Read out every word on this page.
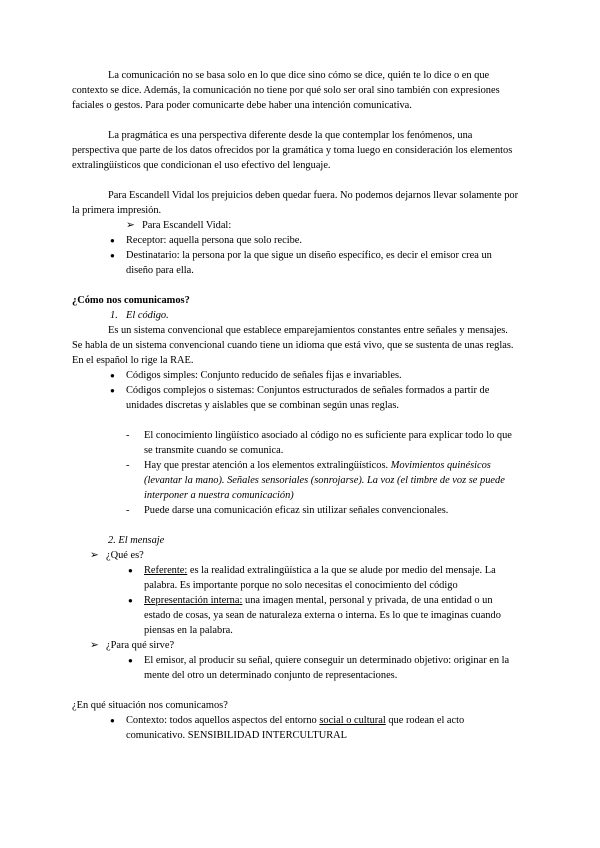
La comunicación no se basa solo en lo que dice sino cómo se dice, quién te lo dice o en que contexto se dice. Además, la comunicación no tiene por qué solo ser oral sino también con expresiones faciales o gestos. Para poder comunicarte debe haber una intención comunicativa.

La pragmática es una perspectiva diferente desde la que contemplar los fenómenos, una perspectiva que parte de los datos ofrecidos por la gramática y toma luego en consideración los elementos extralingüísticos que condicionan el uso efectivo del lenguaje.

Para Escandell Vidal los prejuicios deben quedar fuera. No podemos dejarnos llevar solamente por la primera impresión.

➢ Para Escandell Vidal:
● Receptor: aquella persona que solo recibe.
● Destinatario: la persona por la que sigue un diseño específico, es decir el emisor crea un diseño para ella.

¿Cómo nos comunicamos?

1. El código.

Es un sistema convencional que establece emparejamientos constantes entre señales y mensajes. Se habla de un sistema convencional cuando tiene un idioma que está vivo, que se sustenta de unas reglas. En el español lo rige la RAE.

● Códigos simples: Conjunto reducido de señales fijas e invariables.
● Códigos complejos o sistemas: Conjuntos estructurados de señales formados a partir de unidades discretas y aislables que se combinan según unas reglas.
- El conocimiento lingüístico asociado al código no es suficiente para explicar todo lo que se transmite cuando se comunica.
- Hay que prestar atención a los elementos extralingüísticos. Movimientos quinésicos (levantar la mano). Señales sensoriales (sonrojarse). La voz (el timbre de voz se puede interponer a nuestra comunicación)
- Puede darse una comunicación eficaz sin utilizar señales convencionales.

2. El mensaje

➢ ¿Qué es?
● Referente: es la realidad extralingüística a la que se alude por medio del mensaje. La palabra. Es importante porque no solo necesitas el conocimiento del código
● Representación interna: una imagen mental, personal y privada, de una entidad o un estado de cosas, ya sean de naturaleza externa o interna. Es lo que te imaginas cuando piensas en la palabra.
➢ ¿Para qué sirve?
● El emisor, al producir su señal, quiere conseguir un determinado objetivo: originar en la mente del otro un determinado conjunto de representaciones.

¿En qué situación nos comunicamos?

● Contexto: todos aquellos aspectos del entorno social o cultural que rodean el acto comunicativo. SENSIBILIDAD INTERCULTURAL
